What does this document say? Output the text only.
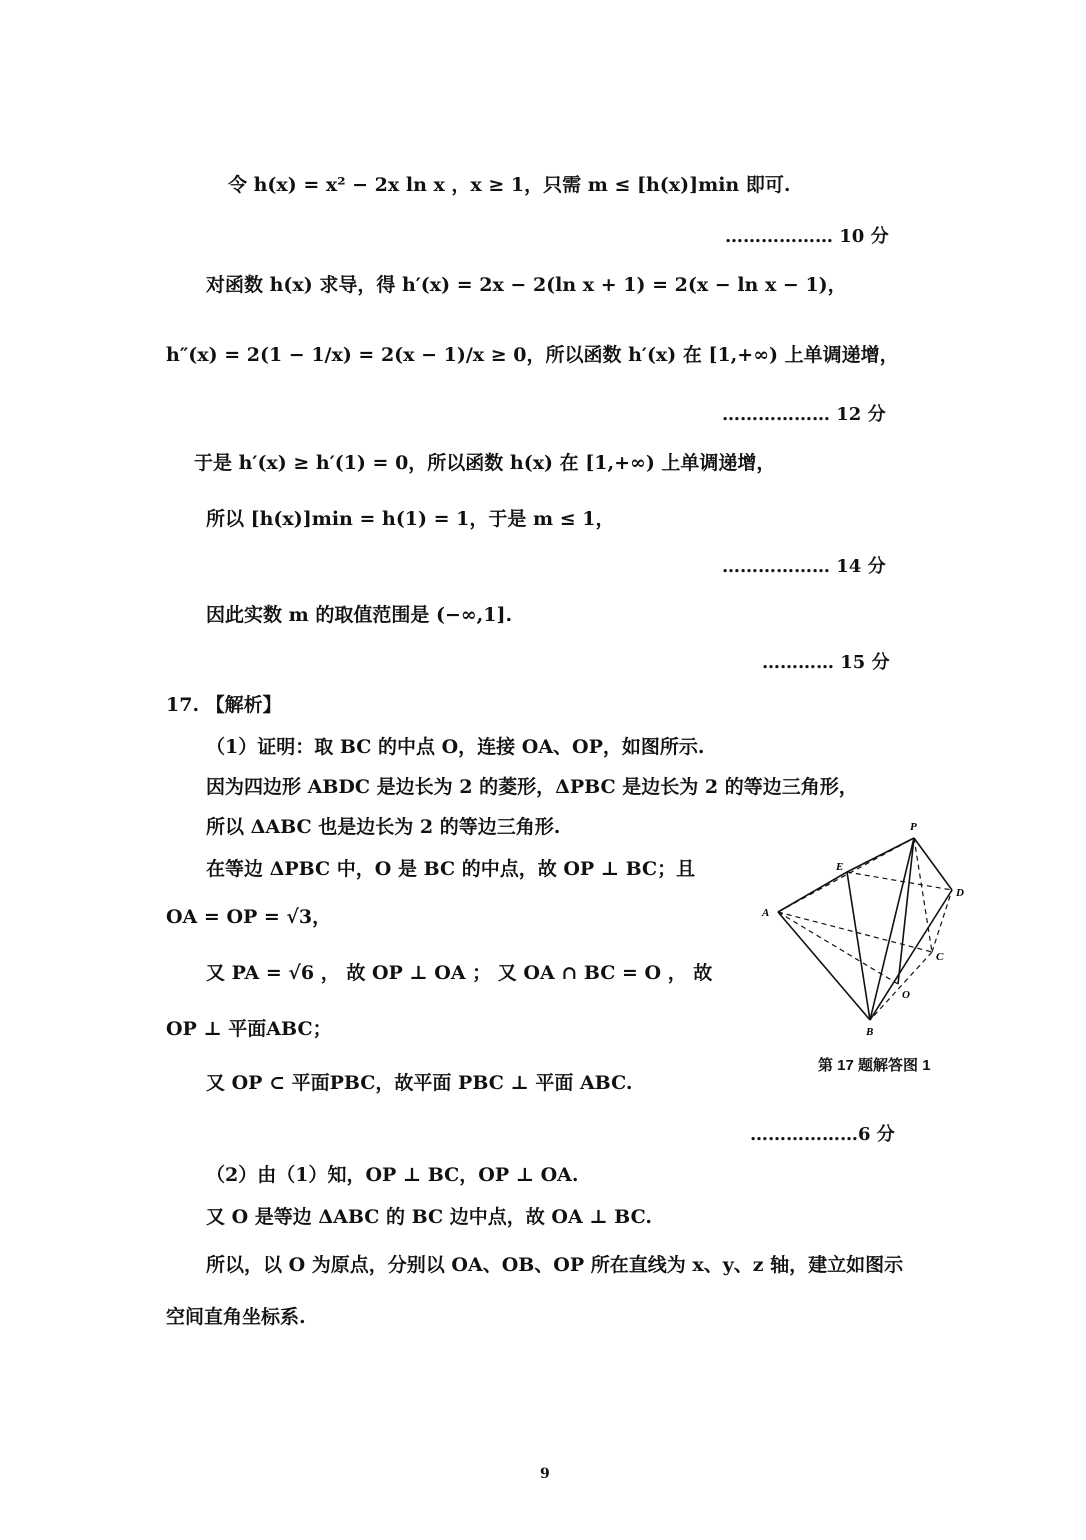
令 h(x) = x² − 2x ln x ，x ≥ 1，只需 m ≤ [h(x)]min 即可.
……………… 10 分
对函数 h(x) 求导，得 h′(x) = 2x − 2(ln x + 1) = 2(x − ln x − 1)，
h″(x) = 2(1 − 1/x) = 2(x − 1)/x ≥ 0，所以函数 h′(x) 在 [1,+∞) 上单调递增，
……………… 12 分
于是 h′(x) ≥ h′(1) = 0，所以函数 h(x) 在 [1,+∞) 上单调递增，
所以 [h(x)]min = h(1) = 1，于是 m ≤ 1，
……………… 14 分
因此实数 m 的取值范围是 (−∞,1].
………… 15 分
17. 【解析】
（1）证明：取 BC 的中点 O，连接 OA、OP，如图所示.
因为四边形 ABDC 是边长为 2 的菱形，ΔPBC 是边长为 2 的等边三角形，
所以 ΔABC 也是边长为 2 的等边三角形.
在等边 ΔPBC 中，O 是 BC 的中点，故 OP ⊥ BC；且
OA = OP = √3，
又 PA = √6 ， 故 OP ⊥ OA ； 又 OA ∩ BC = O ， 故
OP ⊥ 平面ABC；
又 OP ⊂ 平面PBC，故平面 PBC ⊥ 平面 ABC.
………………6 分
（2）由（1）知，OP ⊥ BC，OP ⊥ OA.
又 O 是等边 ΔABC 的 BC 边中点，故 OA ⊥ BC.
所以，以 O 为原点，分别以 OA、OB、OP 所在直线为 x、y、z 轴，建立如图示
空间直角坐标系.
P
E
D
A
C
O
B
第 17 题解答图 1
9
